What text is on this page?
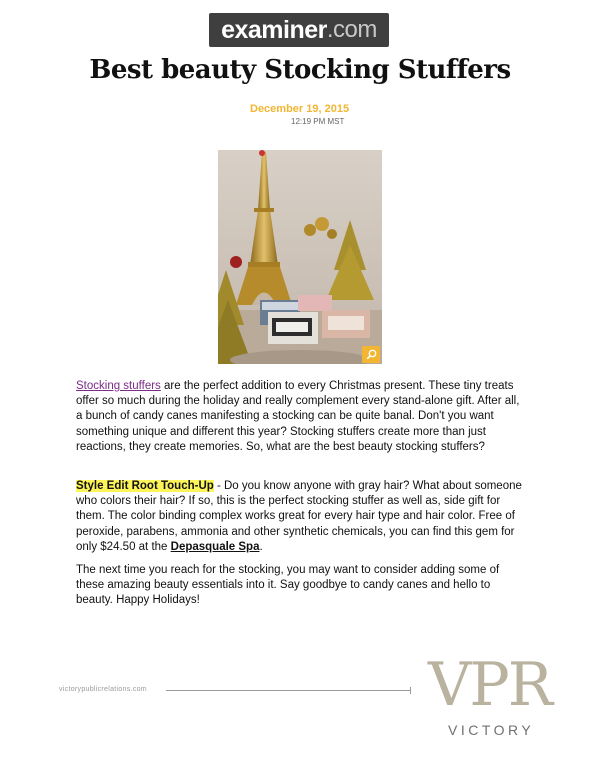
examiner .com
Best beauty Stocking Stuffers
December 19, 2015
12:19 PM MST
Stocking stuffers are the perfect addition to every Christmas present. These tiny treats offer so much during the holiday and really complement every stand-alone gift. After all, a bunch of candy canes manifesting a stocking can be quite banal. Don't you want something unique and different this year? Stocking stuffers create more than just reactions, they create memories. So, what are the best beauty stocking stuffers?
Style Edit Root Touch-Up - Do you know anyone with gray hair? What about someone who colors their hair? If so, this is the perfect stocking stuffer as well as, side gift for them. The color binding complex works great for every hair type and hair color. Free of peroxide, parabens, ammonia and other synthetic chemicals, you can find this gem for only $24.50 at the Depasquale Spa.
The next time you reach for the stocking, you may want to consider adding some of these amazing beauty essentials into it. Say goodbye to candy canes and hello to beauty. Happy Holidays!
victorypublicrelations.com	VPR
VICTORY
